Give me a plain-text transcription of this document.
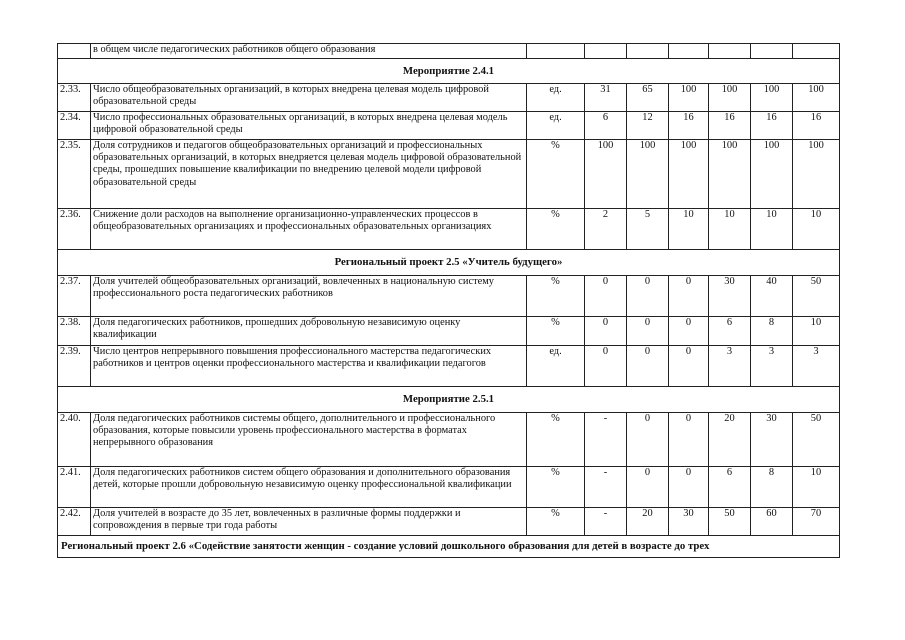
	в общем числе педагогических работников общего образования							
Мероприятие 2.4.1								
2.33.	Число общеобразовательных организаций, в которых внедрена целевая модель цифровой образовательной среды	ед.	31	65	100	100	100	100
2.34.	Число профессиональных образовательных организаций, в которых внедрена целевая модель цифровой образовательной среды	ед.	6	12	16	16	16	16
2.35.	Доля сотрудников и педагогов общеобразовательных организаций и профессиональных образовательных организаций, в которых внедряется целевая модель цифровой образовательной среды, прошедших повышение квалификации по внедрению целевой модели цифровой образовательной среды	%	100	100	100	100	100	100
2.36.	Снижение доли расходов на выполнение организационно-управленческих процессов в общеобразовательных организациях и профессиональных образовательных организациях	%	2	5	10	10	10	10
Региональный проект 2.5 «Учитель будущего»								
2.37.	Доля учителей общеобразовательных организаций, вовлеченных в национальную систему профессионального роста педагогических работников	%	0	0	0	30	40	50
2.38.	Доля педагогических работников, прошедших добровольную независимую оценку квалификации	%	0	0	0	6	8	10
2.39.	Число центров непрерывного повышения профессионального мастерства педагогических работников и центров оценки профессионального мастерства и квалификации педагогов	ед.	0	0	0	3	3	3
Мероприятие 2.5.1								
2.40.	Доля педагогических работников системы общего, дополнительного и профессионального образования, которые повысили уровень профессионального мастерства в форматах непрерывного образования	%	-	0	0	20	30	50
2.41.	Доля педагогических работников систем общего образования и дополнительного образования детей, которые прошли добровольную независимую оценку профессиональной квалификации	%	-	0	0	6	8	10
2.42.	Доля учителей в возрасте до 35 лет, вовлеченных в различные формы поддержки и сопровождения в первые три года работы	%	-	20	30	50	60	70
Региональный проект 2.6 «Содействие занятости женщин - создание условий дошкольного образования для детей в возрасте до трех								
